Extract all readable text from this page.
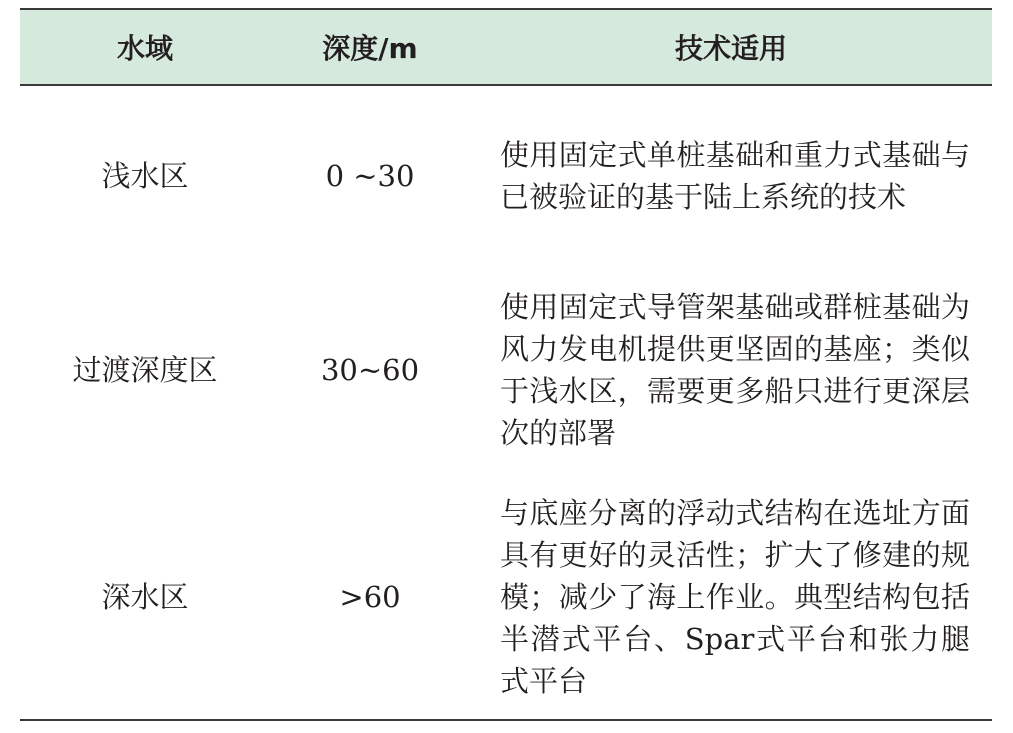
水域	深度/m	技术适用
浅水区	0 ~30	使用固定式单桩基础和重力式基础与已被验证的基于陆上系统的技术
过渡深度区	30~60	使用固定式导管架基础或群桩基础为风力发电机提供更坚固的基座；类似于浅水区，需要更多船只进行更深层次的部署
深水区	>60	与底座分离的浮动式结构在选址方面具有更好的灵活性；扩大了修建的规模；减少了海上作业。典型结构包括半潜式平台、Spar式平台和张力腿式平台
